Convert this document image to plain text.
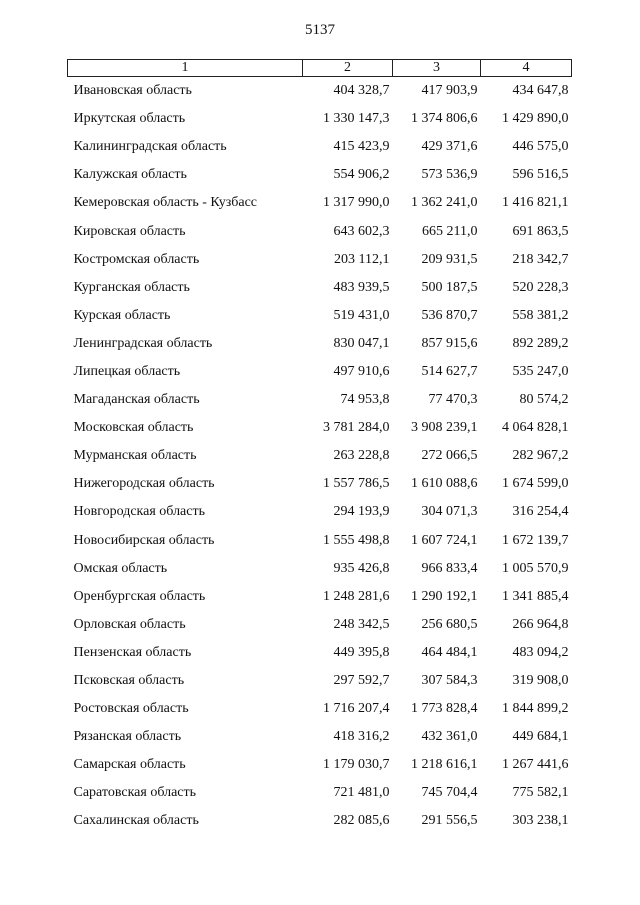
5137
1	2	3	4
Ивановская область	404 328,7	417 903,9	434 647,8
Иркутская область	1 330 147,3	1 374 806,6	1 429 890,0
Калининградская область	415 423,9	429 371,6	446 575,0
Калужская область	554 906,2	573 536,9	596 516,5
Кемеровская область - Кузбасс	1 317 990,0	1 362 241,0	1 416 821,1
Кировская область	643 602,3	665 211,0	691 863,5
Костромская область	203 112,1	209 931,5	218 342,7
Курганская область	483 939,5	500 187,5	520 228,3
Курская область	519 431,0	536 870,7	558 381,2
Ленинградская область	830 047,1	857 915,6	892 289,2
Липецкая область	497 910,6	514 627,7	535 247,0
Магаданская область	74 953,8	77 470,3	80 574,2
Московская область	3 781 284,0	3 908 239,1	4 064 828,1
Мурманская область	263 228,8	272 066,5	282 967,2
Нижегородская область	1 557 786,5	1 610 088,6	1 674 599,0
Новгородская область	294 193,9	304 071,3	316 254,4
Новосибирская область	1 555 498,8	1 607 724,1	1 672 139,7
Омская область	935 426,8	966 833,4	1 005 570,9
Оренбургская область	1 248 281,6	1 290 192,1	1 341 885,4
Орловская область	248 342,5	256 680,5	266 964,8
Пензенская область	449 395,8	464 484,1	483 094,2
Псковская область	297 592,7	307 584,3	319 908,0
Ростовская область	1 716 207,4	1 773 828,4	1 844 899,2
Рязанская область	418 316,2	432 361,0	449 684,1
Самарская область	1 179 030,7	1 218 616,1	1 267 441,6
Саратовская область	721 481,0	745 704,4	775 582,1
Сахалинская область	282 085,6	291 556,5	303 238,1
